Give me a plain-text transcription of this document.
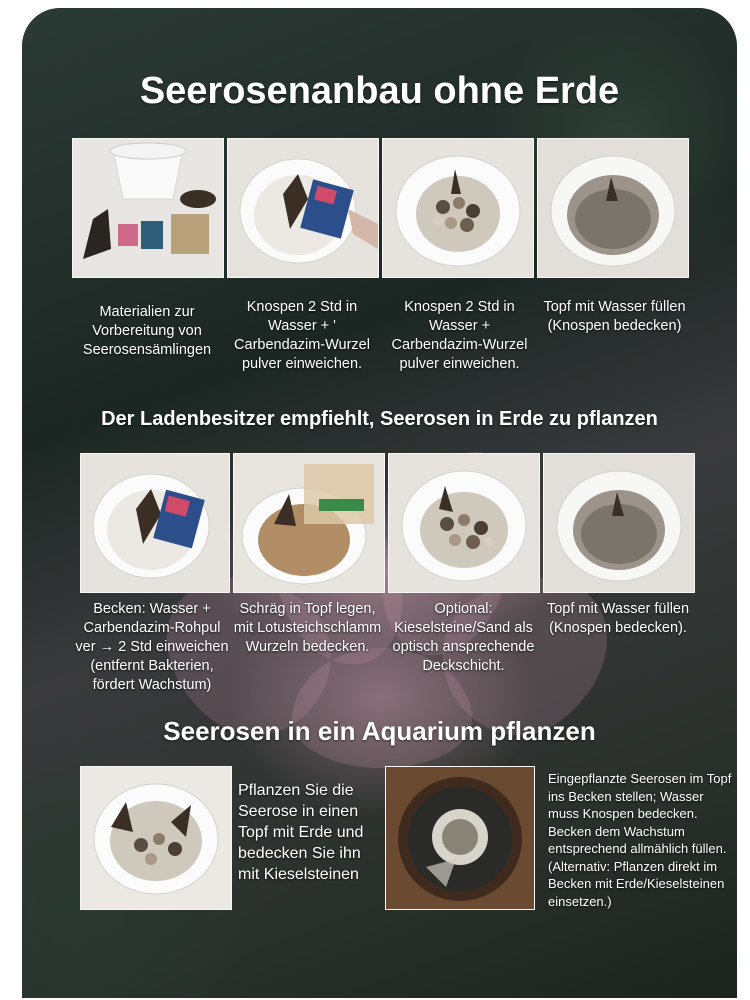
Seerosenanbau ohne Erde
Materialien zur Vorbereitung von Seerosensämlingen
Knospen 2 Std in Wasser + ' Carbendazim-Wurzel pulver einweichen.
Knospen 2 Std in Wasser + Carbendazim-Wurzel pulver einweichen.
Topf mit Wasser füllen (Knospen bedecken)
Der Ladenbesitzer empfiehlt, Seerosen in Erde zu pflanzen
Becken: Wasser + Carbendazim-Rohpul ver → 2 Std einweichen (entfernt Bakterien, fördert Wachstum)
Schräg in Topf legen, mit Lotusteichschlamm Wurzeln bedecken.
Optional: Kieselsteine/Sand als optisch ansprechende Deckschicht.
Topf mit Wasser füllen (Knospen bedecken).
Seerosen in ein Aquarium pflanzen
Pflanzen Sie die Seerose in einen Topf mit Erde und bedecken Sie ihn mit Kieselsteinen
Eingepflanzte Seerosen im Topf ins Becken stellen; Wasser muss Knospen bedecken. Becken dem Wachstum entsprechend allmählich füllen. (Alternativ: Pflanzen direkt im Becken mit Erde/Kieselsteinen einsetzen.)
